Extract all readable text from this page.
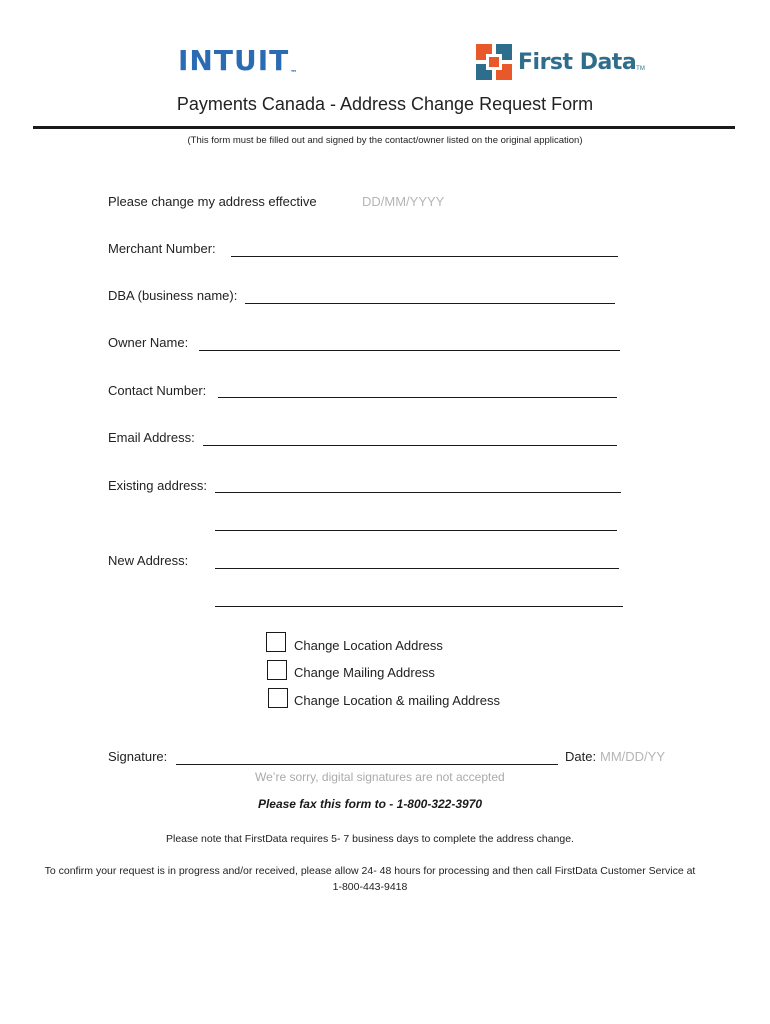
INTUIT™	First Data TM
Payments Canada - Address Change Request Form
(This form must be filled out and signed by the contact/owner listed on the original application)
Please change my address effective	DD/MM/YYYY
Merchant Number:
DBA (business name):
Owner Name:
Contact Number:
Email Address:
Existing address:
New Address:
Change Location Address
Change Mailing Address
Change Location & mailing Address
Signature:
We’re sorry, digital signatures are not accepted
Date: MM/DD/YY
Please fax this form to - 1-800-322-3970
Please note that FirstData requires 5- 7 business days to complete the address change.
To confirm your request is in progress and/or received, please allow 24- 48 hours for processing and then call FirstData Customer Service at 1-800-443-9418
